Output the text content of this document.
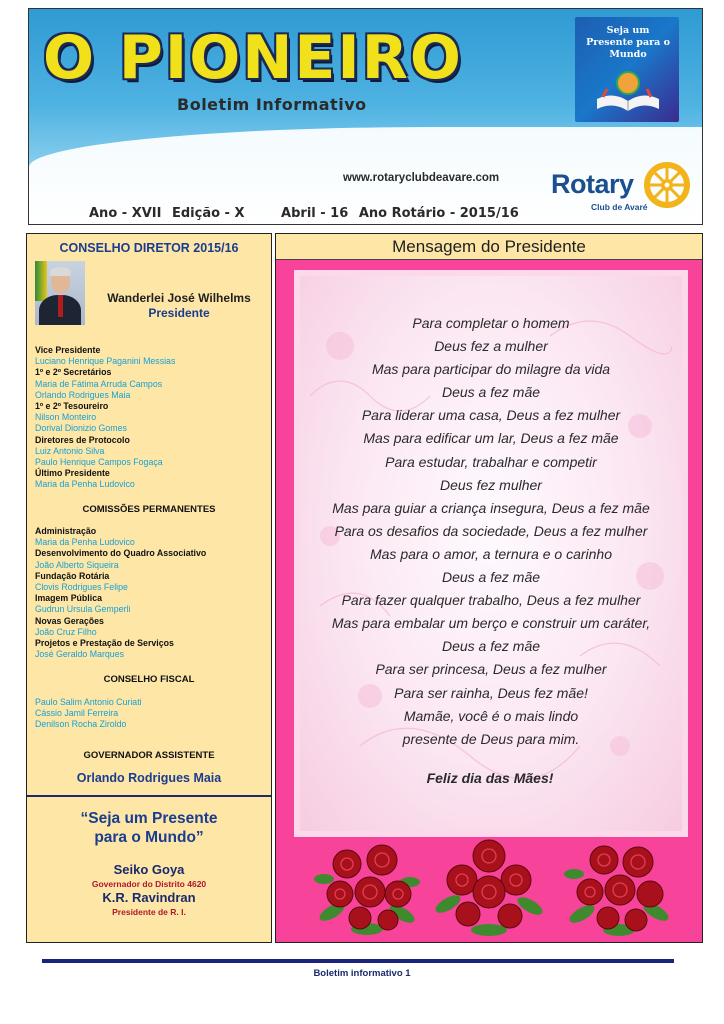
O PIONEIRO
Boletim Informativo
Seja um Presente para o Mundo
www.rotaryclubdeavare.com	Rotary
Club de Avaré
Ano - XVII Edição - X	Abril - 16 Ano Rotário - 2015/16
CONSELHO DIRETOR 2015/16
Wanderlei José Wilhelms
Presidente
Vice Presidente
Luciano Henrique Paganini Messias
1º e 2º Secretários
Maria de Fátima Arruda Campos
Orlando Rodrigues Maia
1º e 2º Tesoureiro
Nilson Monteiro
Dorival Dionizio Gomes
Diretores de Protocolo
Luiz Antonio Silva
Paulo Henrique Campos Fogaça
Último Presidente
Maria da Penha Ludovico
COMISSÕES PERMANENTES
Administração
Maria da Penha Ludovico
Desenvolvimento do Quadro Associativo
João Alberto Siqueira
Fundação Rotária
Clovis Rodrigues Felipe
Imagem Pública
Gudrun Ursula Gemperli
Novas Gerações
João Cruz Filho
Projetos e Prestação de Serviços
José Geraldo Marques
CONSELHO FISCAL
Paulo Salim Antonio Curiati
Cássio Jamil Ferreira
Denilson Rocha Ziroldo
GOVERNADOR ASSISTENTE
Orlando Rodrigues Maia
“Seja um Presente
para o Mundo”
Seiko Goya
Governador do Distrito 4620
K.R. Ravindran
Presidente de R. I.
Mensagem do Presidente
Para completar o homem
Deus fez a mulher
Mas para participar do milagre da vida
Deus a fez mãe
Para liderar uma casa, Deus a fez mulher
Mas para edificar um lar, Deus a fez mãe
Para estudar, trabalhar e competir
Deus fez mulher
Mas para guiar a criança insegura, Deus a fez mãe
Para os desafios da sociedade, Deus a fez mulher
Mas para o amor, a ternura e o carinho
Deus a fez mãe
Para fazer qualquer trabalho, Deus a fez mulher
Mas para embalar um berço e construir um caráter,
Deus a fez mãe
Para ser princesa, Deus a fez mulher
Para ser rainha, Deus fez mãe!
Mamãe, você é o mais lindo
presente de Deus para mim.
Feliz dia das Mães!
Boletim informativo 1
